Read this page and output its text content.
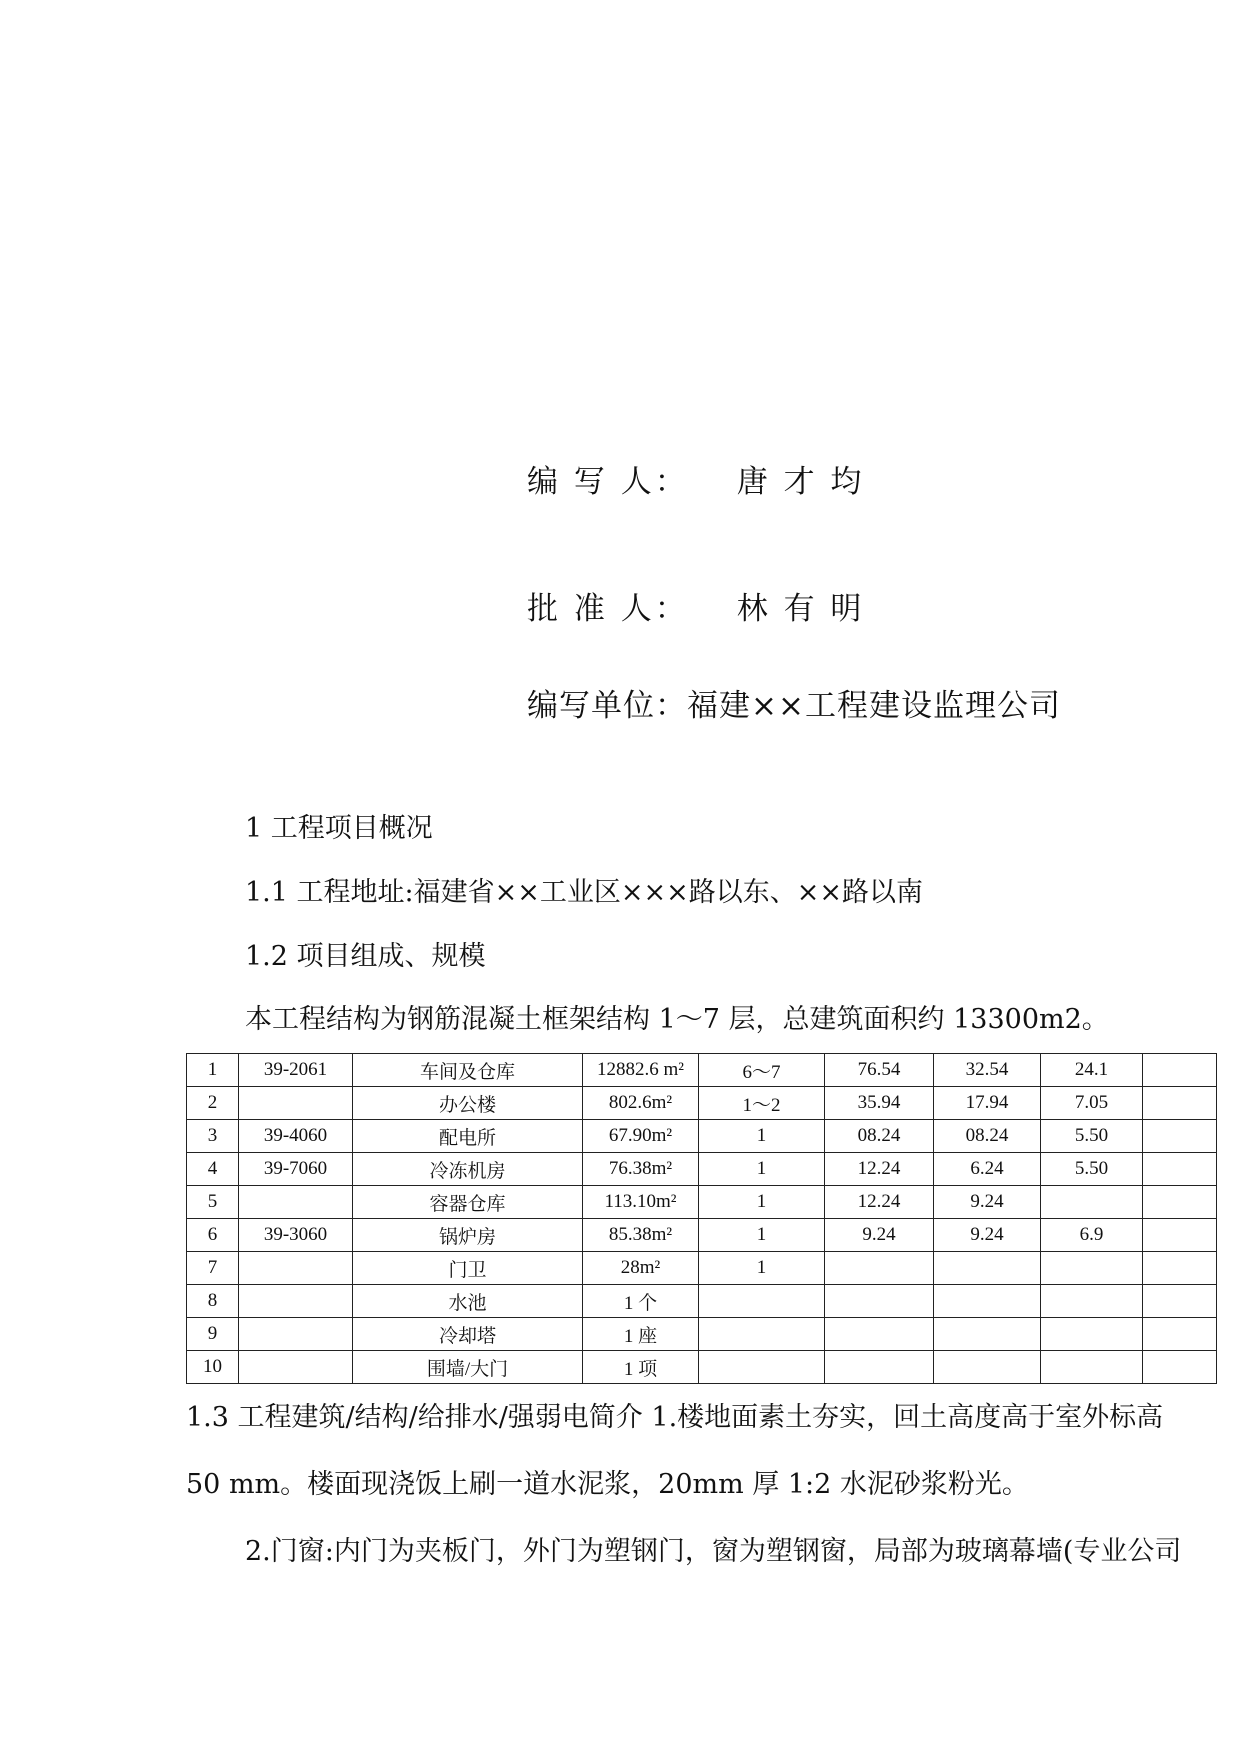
编 写 人： 唐 才 均
批 准 人： 林 有 明
编写单位：福建××工程建设监理公司
1 工程项目概况
1.1 工程地址:福建省××工业区×××路以东、××路以南
1.2 项目组成、规模
本工程结构为钢筋混凝土框架结构 1～7 层，总建筑面积约 13300m2。
1	39-2061	车间及仓库	12882.6 m²	6～7	76.54	32.54	24.1	
2		办公楼	802.6m²	1～2	35.94	17.94	7.05	
3	39-4060	配电所	67.90m²	1	08.24	08.24	5.50	
4	39-7060	冷冻机房	76.38m²	1	12.24	6.24	5.50	
5		容器仓库	113.10m²	1	12.24	9.24		
6	39-3060	锅炉房	85.38m²	1	9.24	9.24	6.9	
7		门卫	28m²	1				
8		水池	1 个					
9		冷却塔	1 座					
10		围墙/大门	1 项					
1.3 工程建筑/结构/给排水/强弱电简介 1.楼地面素土夯实，回土高度高于室外标高
50 mm。楼面现浇饭上刷一道水泥浆，20mm 厚 1:2 水泥砂浆粉光。
2.门窗:内门为夹板门，外门为塑钢门，窗为塑钢窗，局部为玻璃幕墙(专业公司
